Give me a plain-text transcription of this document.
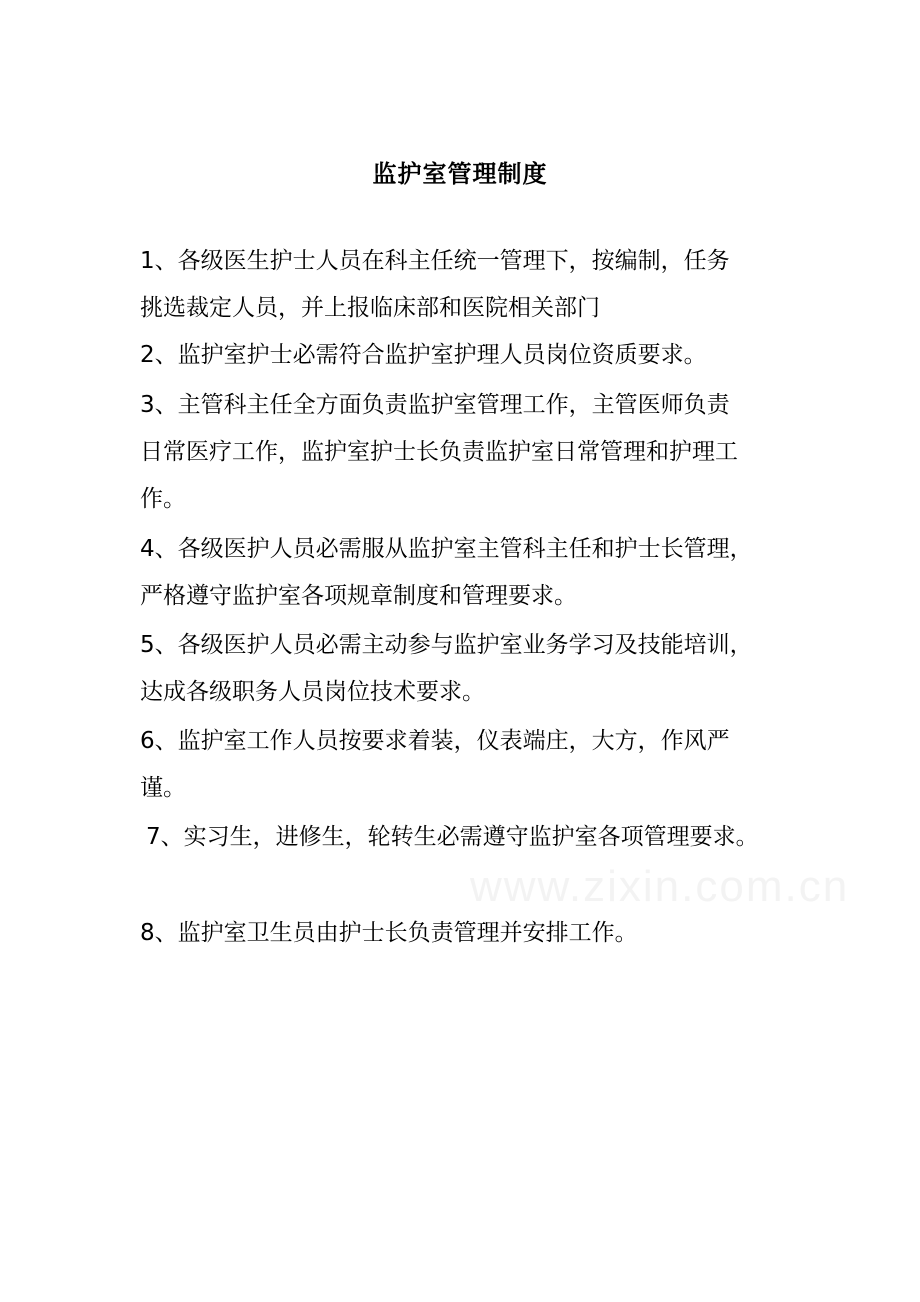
www.zixin.com.cn
监护室管理制度
1、各级医生护士人员在科主任统一管理下，按编制，任务
挑选裁定人员，并上报临床部和医院相关部门
2、监护室护士必需符合监护室护理人员岗位资质要求。
3、主管科主任全方面负责监护室管理工作，主管医师负责
日常医疗工作，监护室护士长负责监护室日常管理和护理工
作。
4、各级医护人员必需服从监护室主管科主任和护士长管理，
严格遵守监护室各项规章制度和管理要求。
5、各级医护人员必需主动参与监护室业务学习及技能培训，
达成各级职务人员岗位技术要求。
6、监护室工作人员按要求着装，仪表端庄，大方，作风严
谨。
7、实习生，进修生，轮转生必需遵守监护室各项管理要求。
8、监护室卫生员由护士长负责管理并安排工作。
